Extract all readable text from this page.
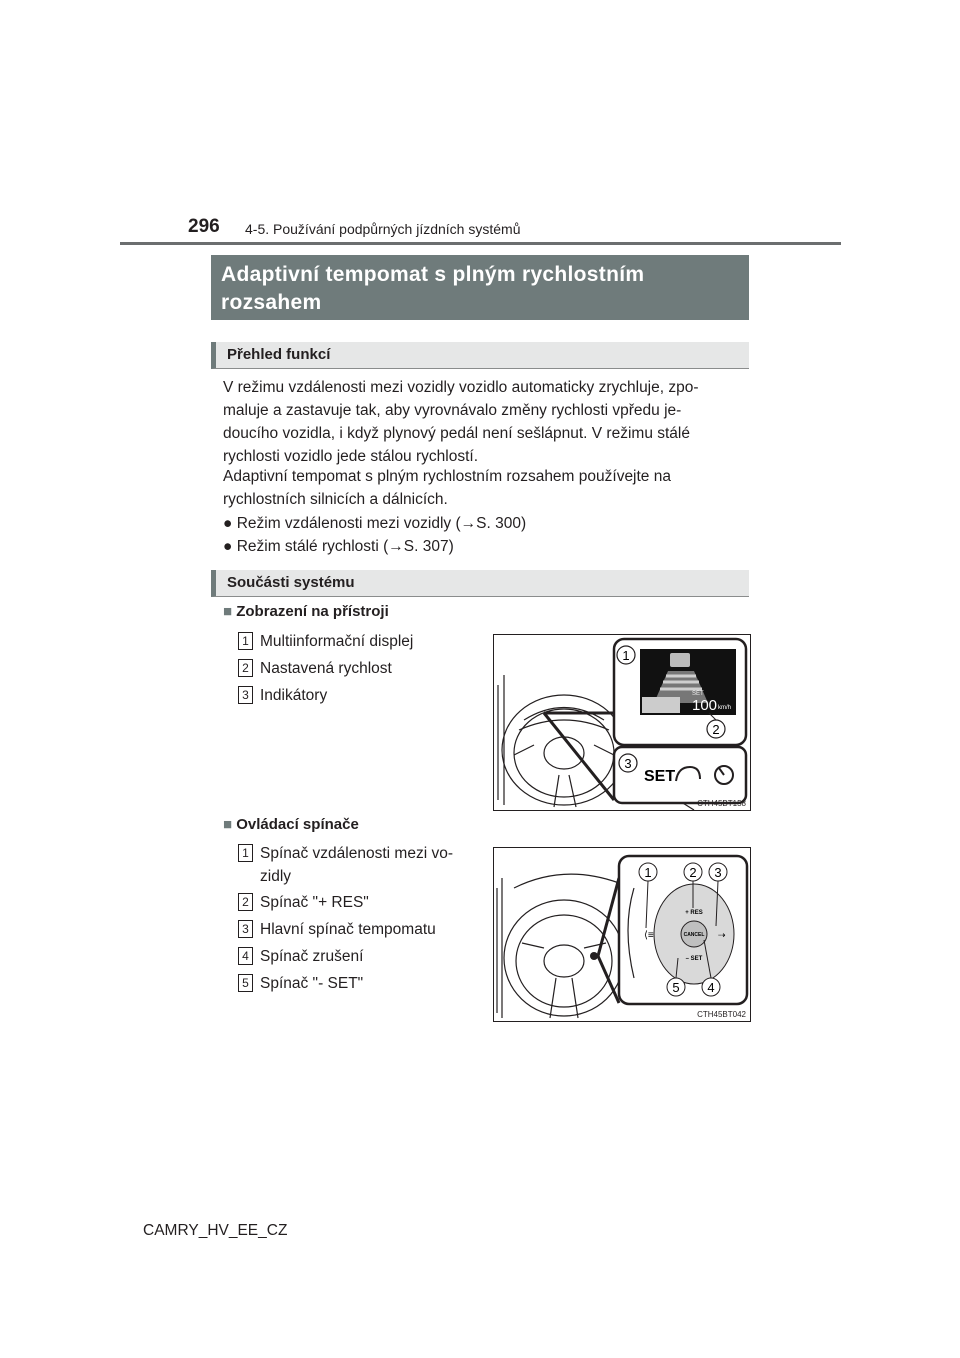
296 4-5. Používání podpůrných jízdních systémů
Adaptivní tempomat s plným rychlostním
rozsahem
Přehled funkcí
V režimu vzdálenosti mezi vozidly vozidlo automaticky zrychluje, zpo-
maluje a zastavuje tak, aby vyrovnávalo změny rychlosti vpředu je-
doucího vozidla, i když plynový pedál není sešlápnut. V režimu stálé
rychlosti vozidlo jede stálou rychlostí.
Adaptivní tempomat s plným rychlostním rozsahem používejte na
rychlostních silnicích a dálnicích.
● Režim vzdálenosti mezi vozidly (→S. 300)
● Režim stálé rychlosti (→S. 307)
Součásti systému
■ Zobrazení na přístroji
1 Multiinformační displej
2 Nastavená rychlost
3 Indikátory	SET
100 km/h
1
2
3
SET
CTH45BT158
■ Ovládací spínače
1 Spínač vzdálenosti mezi vo-
zidly
2 Spínač "+ RES"
3 Hlavní spínač tempomatu
4 Spínač zrušení
5 Spínač "- SET"
CANCEL
+ RES
– SET
⟨≡	⇢
1	2 3
5 4
CTH45BT042
CAMRY_HV_EE_CZ
